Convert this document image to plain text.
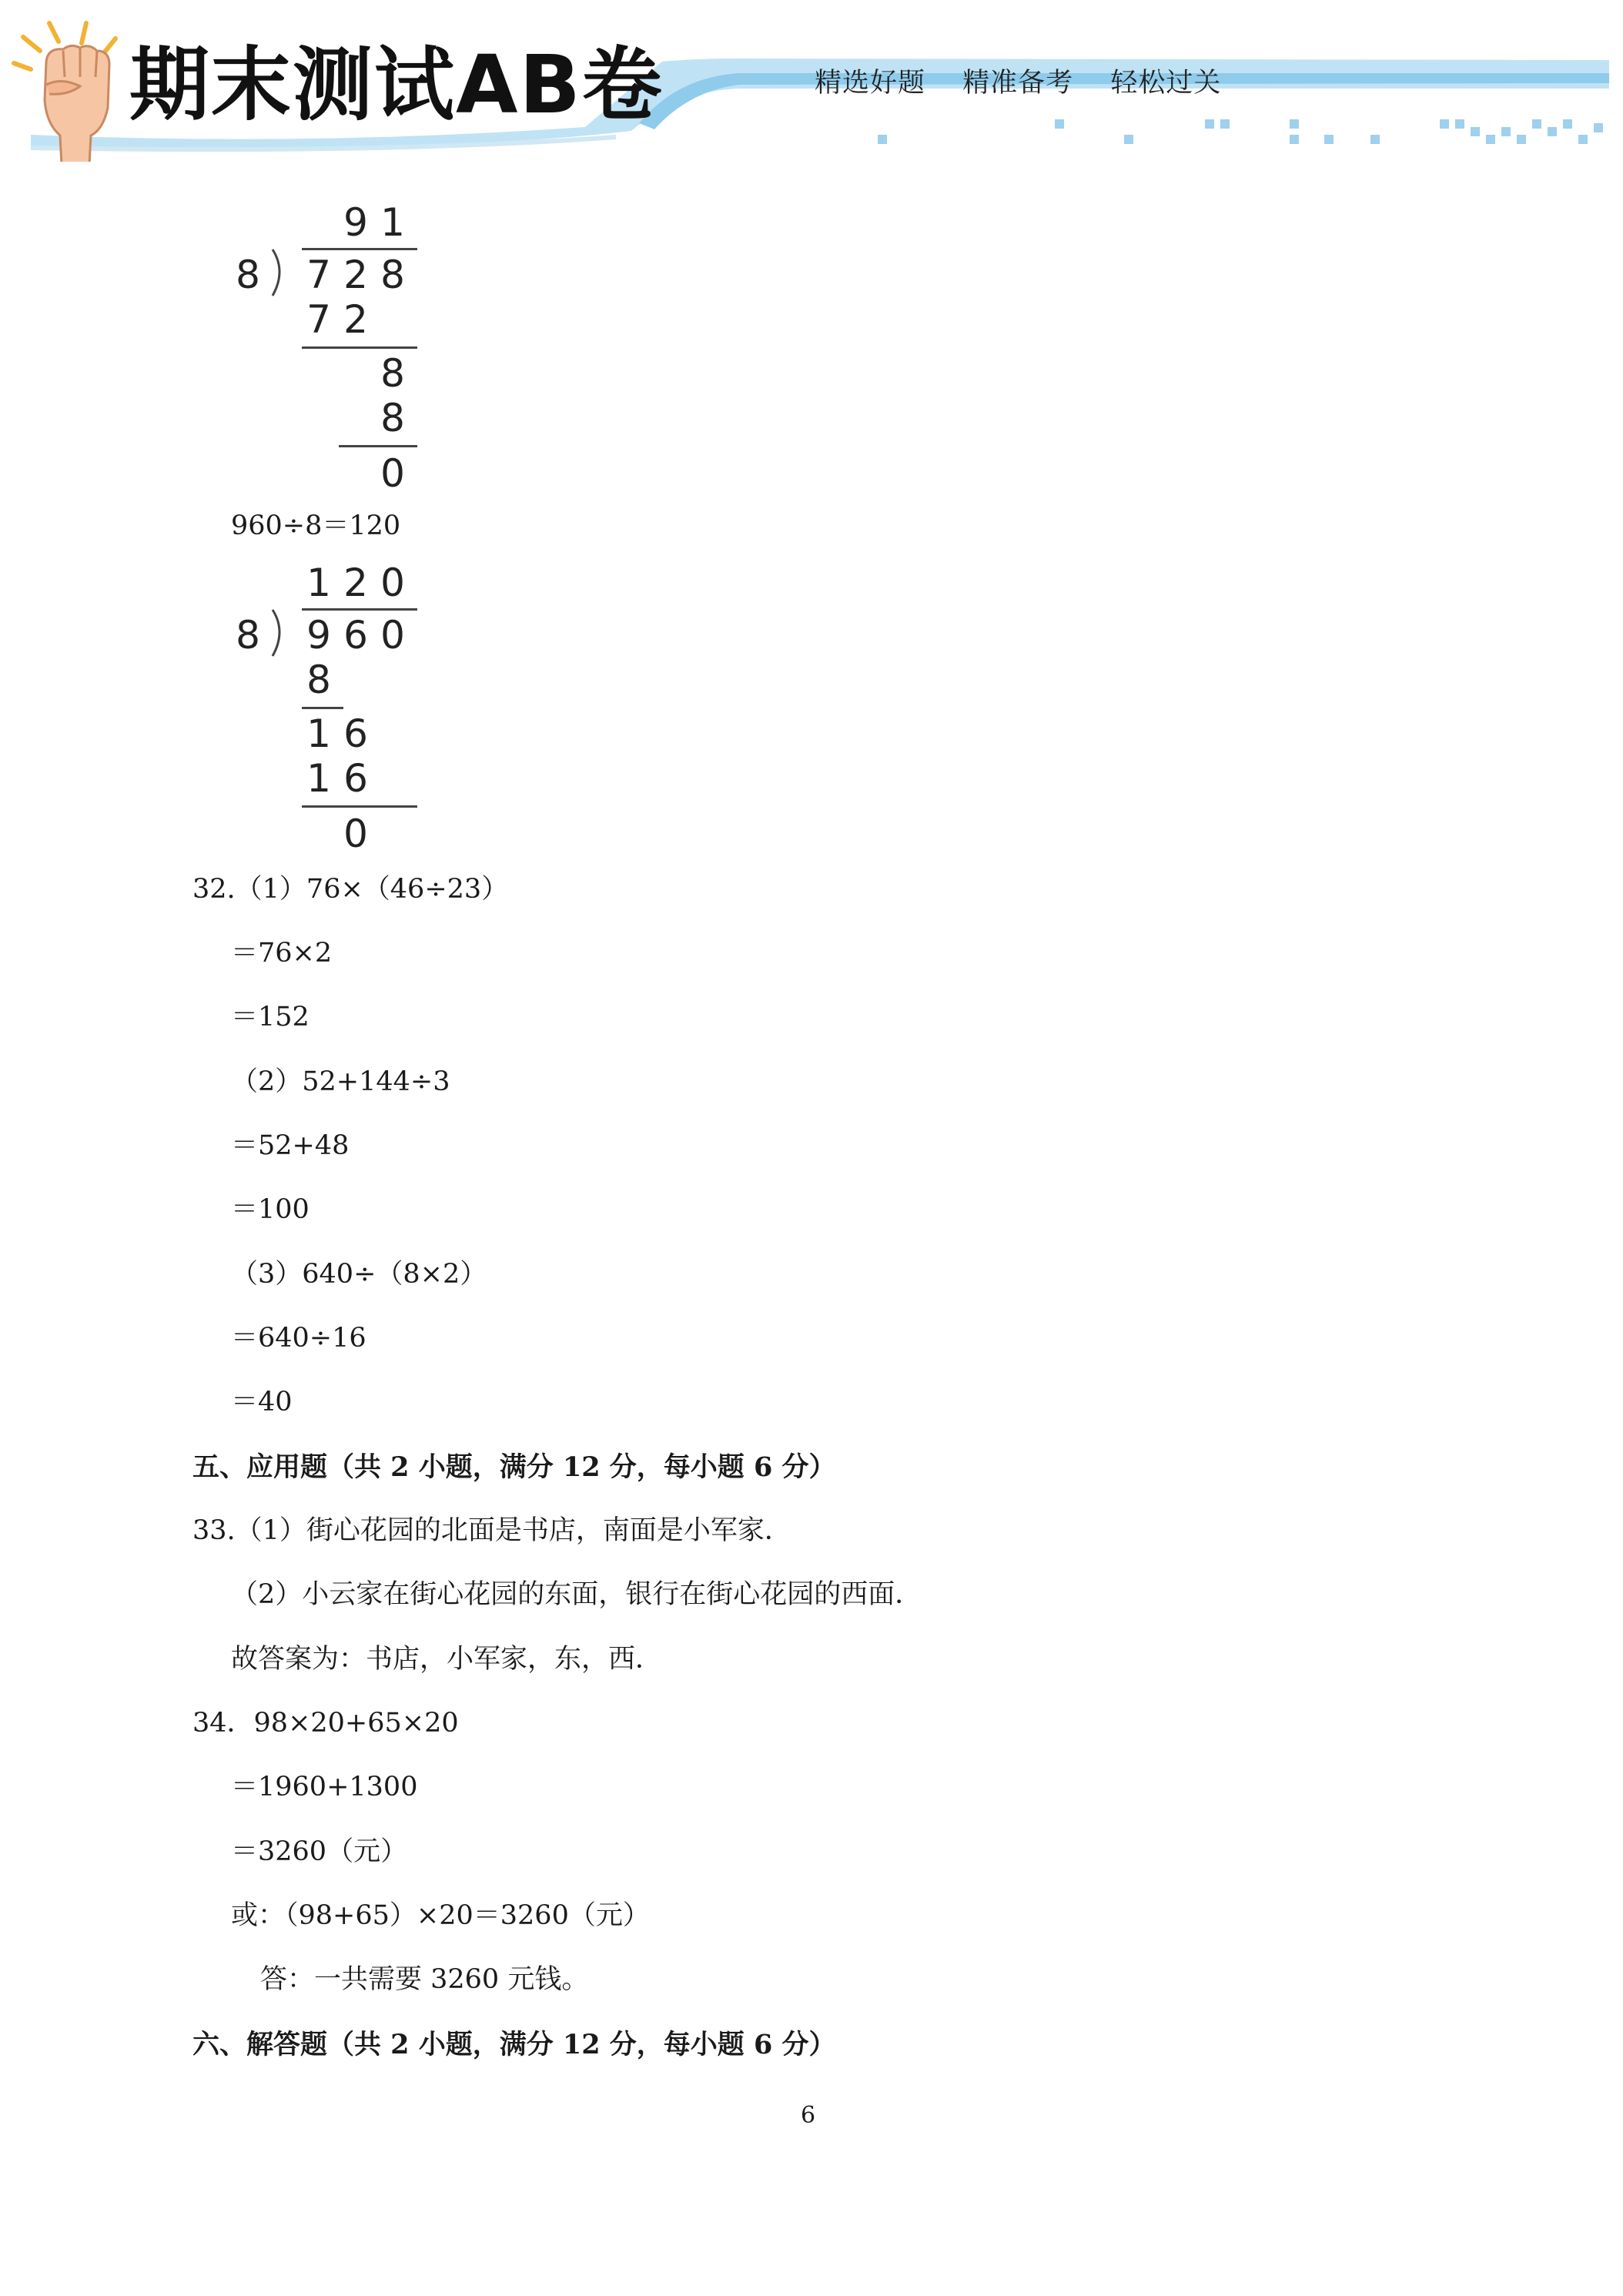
期末测试AB卷	精选好题 精准备考 轻松过关
9 1
8 7 2 8
7 2
8
8
0
960÷8＝120
1 2 0
8 9 6 0
8
1 6
1 6
0
32.（1）76×（46÷23）
＝76×2
＝152
（2）52+144÷3
＝52+48
＝100
（3）640÷（8×2）
＝640÷16
＝40
五、应用题（共 2 小题，满分 12 分，每小题 6 分）
33.（1）街心花园的北面是书店，南面是小军家．
（2）小云家在街心花园的东面，银行在街心花园的西面．
故答案为：书店，小军家，东，西．
34．98×20+65×20
＝1960+1300
＝3260（元）
或：（98+65）×20＝3260（元）
答：一共需要 3260 元钱。
六、解答题（共 2 小题，满分 12 分，每小题 6 分）
6
